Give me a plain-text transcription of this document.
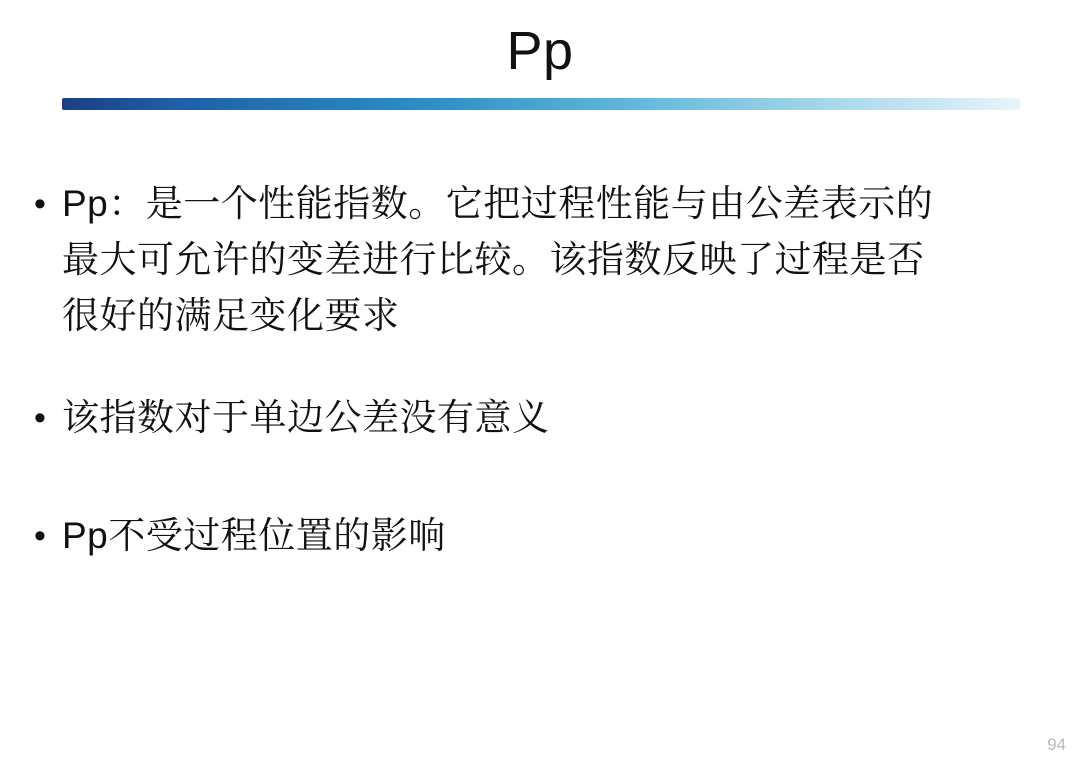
Pp
• Pp：是一个性能指数。它把过程性能与由公差表示的最大可允许的变差进行比较。该指数反映了过程是否很好的满足变化要求
• 该指数对于单边公差没有意义
• Pp不受过程位置的影响
94
